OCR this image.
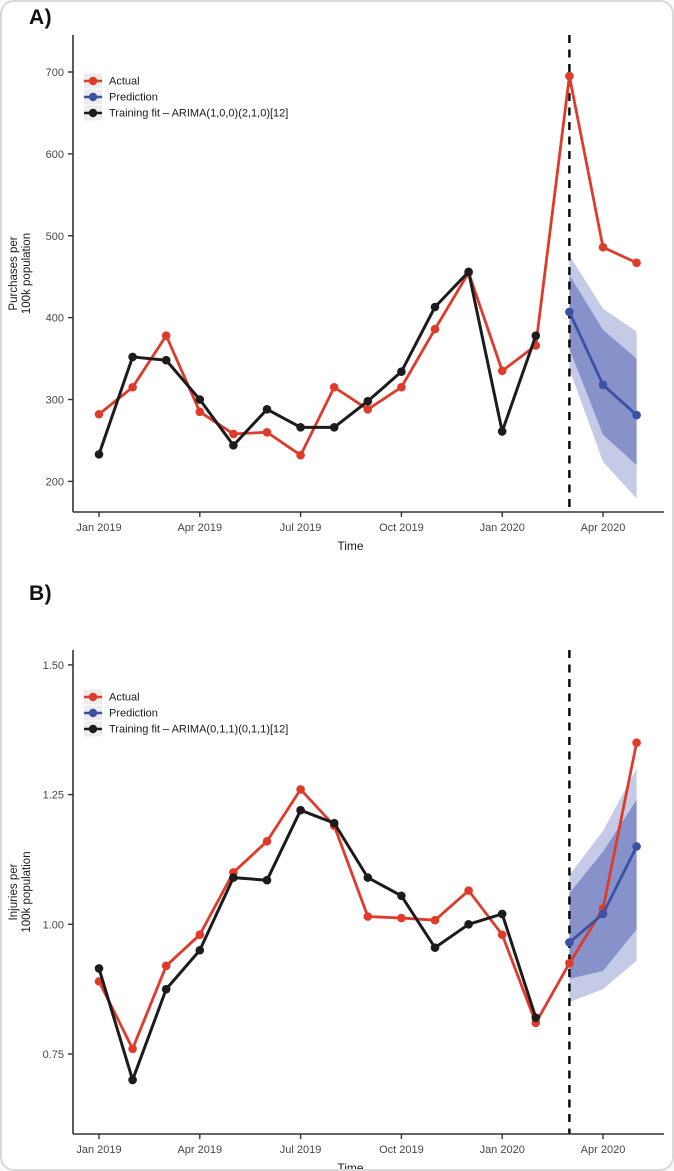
A)
200
300
400
500
600
700
Jan 2019	Apr 2019	Jul 2019	Oct 2019	Jan 2020	Apr 2020
Time
Purchases per 100k population
Actual
Prediction
Training fit – ARIMA(1,0,0)(2,1,0)[12]
B)
0.75
1.00
1.25
1.50
Jan 2019	Apr 2019	Jul 2019	Oct 2019	Jan 2020	Apr 2020
Time
Injuries per 100k population
Actual
Prediction
Training fit – ARIMA(0,1,1)(0,1,1)[12]
